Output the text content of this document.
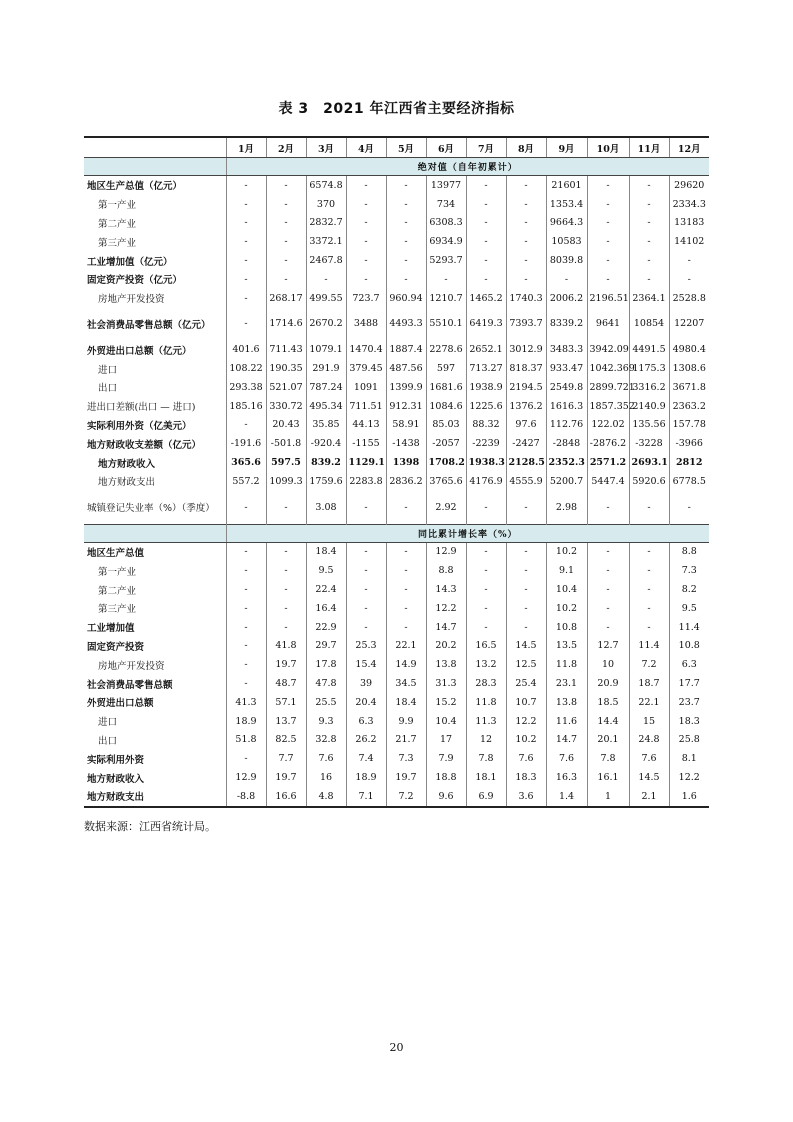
表 3　2021 年江西省主要经济指标
	1月	2月	3月	4月	5月	6月	7月	8月	9月	10月	11月	12月
	绝对值（自年初累计）											
地区生产总值（亿元）	-	-	6574.8	-	-	13977	-	-	21601	-	-	29620
第一产业	-	-	370	-	-	734	-	-	1353.4	-	-	2334.3
第二产业	-	-	2832.7	-	-	6308.3	-	-	9664.3	-	-	13183
第三产业	-	-	3372.1	-	-	6934.9	-	-	10583	-	-	14102
工业增加值（亿元）	-	-	2467.8	-	-	5293.7	-	-	8039.8	-	-	-
固定资产投资（亿元）	-	-	-	-	-	-	-	-	-	-	-	-
房地产开发投资	-	268.17	499.55	723.7	960.94	1210.7	1465.2	1740.3	2006.2	2196.51	2364.1	2528.8

社会消费品零售总额（亿元）	-	1714.6	2670.2	3488	4493.3	5510.1	6419.3	7393.7	8339.2	9641	10854	12207

外贸进出口总额（亿元）	401.6	711.43	1079.1	1470.4	1887.4	2278.6	2652.1	3012.9	3483.3	3942.09	4491.5	4980.4
进口	108.22	190.35	291.9	379.45	487.56	597	713.27	818.37	933.47	1042.369	1175.3	1308.6
出口	293.38	521.07	787.24	1091	1399.9	1681.6	1938.9	2194.5	2549.8	2899.721	3316.2	3671.8
进出口差额(出口 — 进口)	185.16	330.72	495.34	711.51	912.31	1084.6	1225.6	1376.2	1616.3	1857.352	2140.9	2363.2
实际利用外资（亿美元）	-	20.43	35.85	44.13	58.91	85.03	88.32	97.6	112.76	122.02	135.56	157.78
地方财政收支差额（亿元）	-191.6	-501.8	-920.4	-1155	-1438	-2057	-2239	-2427	-2848	-2876.2	-3228	-3966
地方财政收入	365.6	597.5	839.2	1129.1	1398	1708.2	1938.3	2128.5	2352.3	2571.2	2693.1	2812
地方财政支出	557.2	1099.3	1759.6	2283.8	2836.2	3765.6	4176.9	4555.9	5200.7	5447.4	5920.6	6778.5

城镇登记失业率（%）（季度）	-	-	3.08	-	-	2.92	-	-	2.98	-	-	-

	同比累计增长率（%）											
地区生产总值	-	-	18.4	-	-	12.9	-	-	10.2	-	-	8.8
第一产业	-	-	9.5	-	-	8.8	-	-	9.1	-	-	7.3
第二产业	-	-	22.4	-	-	14.3	-	-	10.4	-	-	8.2
第三产业	-	-	16.4	-	-	12.2	-	-	10.2	-	-	9.5
工业增加值	-	-	22.9	-	-	14.7	-	-	10.8	-	-	11.4
固定资产投资	-	41.8	29.7	25.3	22.1	20.2	16.5	14.5	13.5	12.7	11.4	10.8
房地产开发投资	-	19.7	17.8	15.4	14.9	13.8	13.2	12.5	11.8	10	7.2	6.3
社会消费品零售总额	-	48.7	47.8	39	34.5	31.3	28.3	25.4	23.1	20.9	18.7	17.7
外贸进出口总额	41.3	57.1	25.5	20.4	18.4	15.2	11.8	10.7	13.8	18.5	22.1	23.7
进口	18.9	13.7	9.3	6.3	9.9	10.4	11.3	12.2	11.6	14.4	15	18.3
出口	51.8	82.5	32.8	26.2	21.7	17	12	10.2	14.7	20.1	24.8	25.8
实际利用外资	-	7.7	7.6	7.4	7.3	7.9	7.8	7.6	7.6	7.8	7.6	8.1
地方财政收入	12.9	19.7	16	18.9	19.7	18.8	18.1	18.3	16.3	16.1	14.5	12.2
地方财政支出	-8.8	16.6	4.8	7.1	7.2	9.6	6.9	3.6	1.4	1	2.1	1.6
数据来源：江西省统计局。
20
